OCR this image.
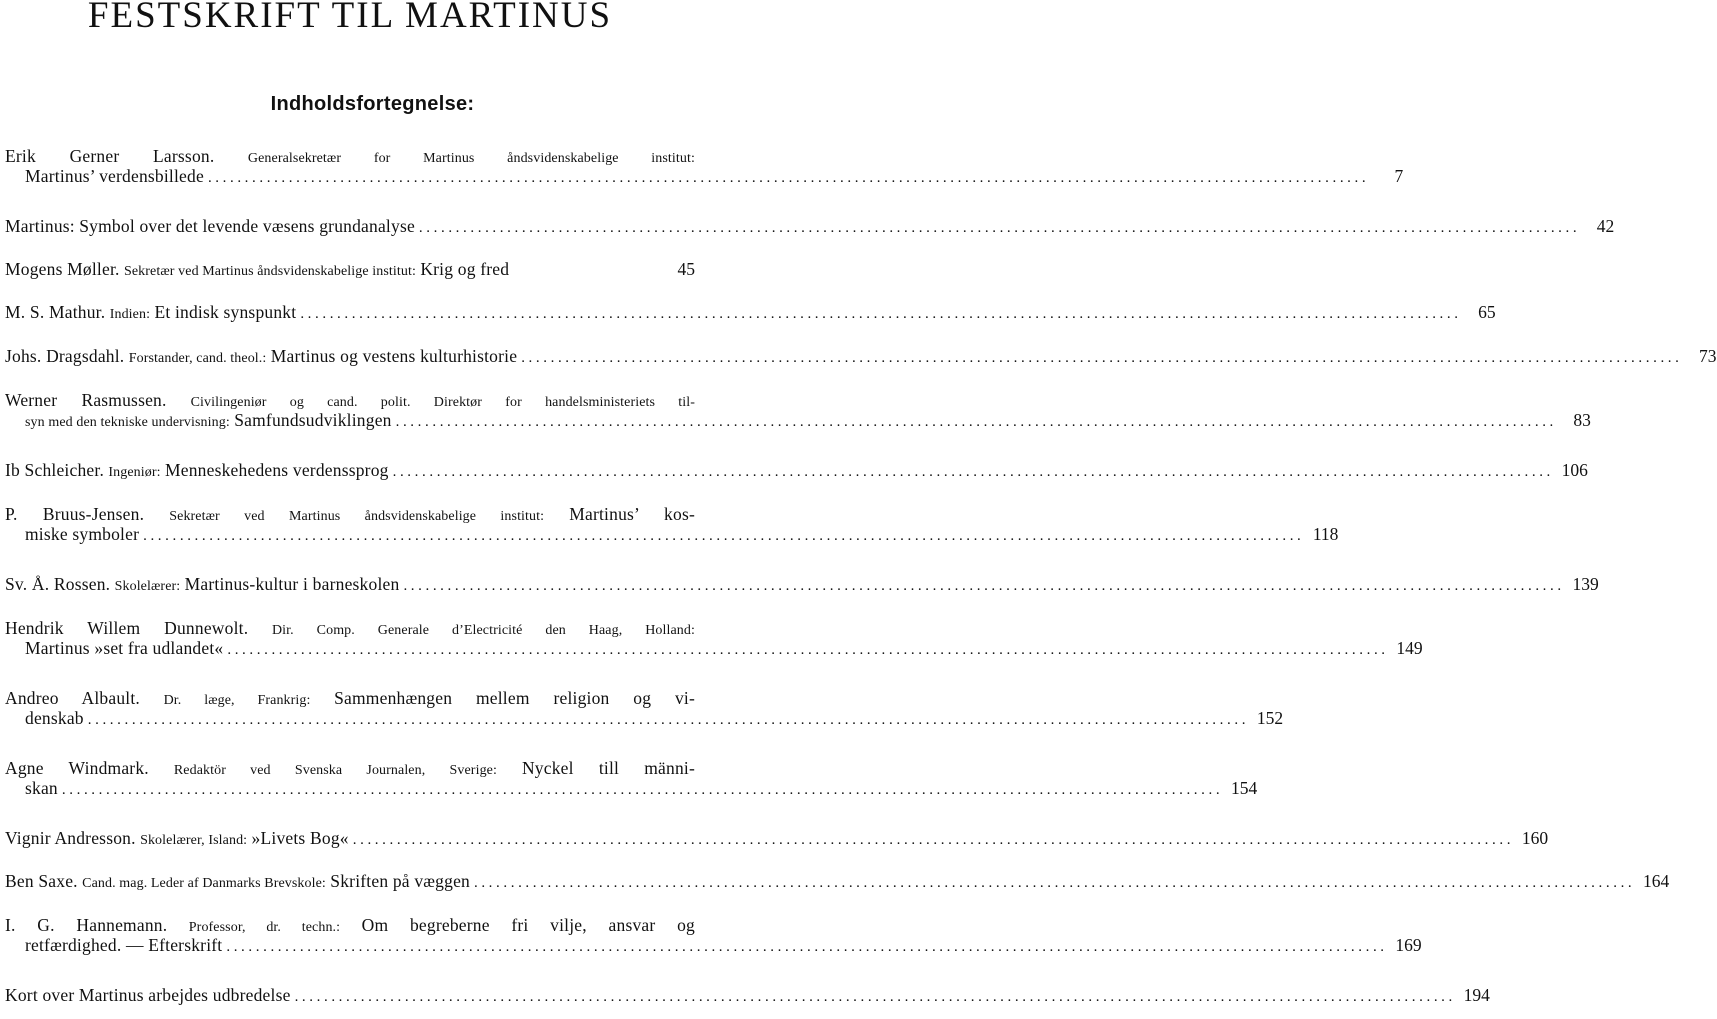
FESTSKRIFT TIL MARTINUS
Indholdsfortegnelse:
Erik Gerner Larsson. Generalsekretær for Martinus åndsvidenskabelige institut:
Martinus’ verdensbillede ..............................................................................................................................................................	7
Martinus:
Symbol over det levende væsens grundanalyse .............................................................................................................................................................. 42
Mogens Møller.
Sekretær ved Martinus åndsvidenskabelige institut:
Krig og fred	45
M. S. Mathur.
Indien:
Et indisk synspunkt .............................................................................................................................................................. 65
Johs. Dragsdahl.
Forstander, cand. theol.:
Martinus og vestens kulturhistorie .............................................................................................................................................................. 73
Werner Rasmussen. Civilingeniør og cand. polit. Direktør for handelsministeriets til-
syn med den tekniske undervisning:
Samfundsudviklingen .............................................................................................................................................................. 83
Ib Schleicher.
Ingeniør:
Menneskehedens verdenssprog .............................................................................................................................................................. 106
P. Bruus-Jensen. Sekretær ved Martinus åndsvidenskabelige institut: Martinus’ kos-
miske symboler .............................................................................................................................................................. 118
Sv. Å. Rossen.
Skolelærer:
Martinus-kultur i barneskolen .............................................................................................................................................................. 139
Hendrik Willem Dunnewolt. Dir. Comp. Generale d’Electricité den Haag, Holland:
Martinus »set fra udlandet« .............................................................................................................................................................. 149
Andreo Albault. Dr. læge, Frankrig: Sammenhængen mellem religion og vi-
denskab .............................................................................................................................................................. 152
Agne Windmark. Redaktör ved Svenska Journalen, Sverige: Nyckel till männi-
skan .............................................................................................................................................................. 154
Vignir Andresson.
Skolelærer, Island:
»Livets Bog« .............................................................................................................................................................. 160
Ben Saxe.
Cand. mag. Leder af Danmarks Brevskole:
Skriften på væggen .............................................................................................................................................................. 164
I. G. Hannemann. Professor, dr. techn.: Om begreberne fri vilje, ansvar og
retfærdighed. — Efterskrift .............................................................................................................................................................. 169
Kort over Martinus arbejdes udbredelse .............................................................................................................................................................. 194
